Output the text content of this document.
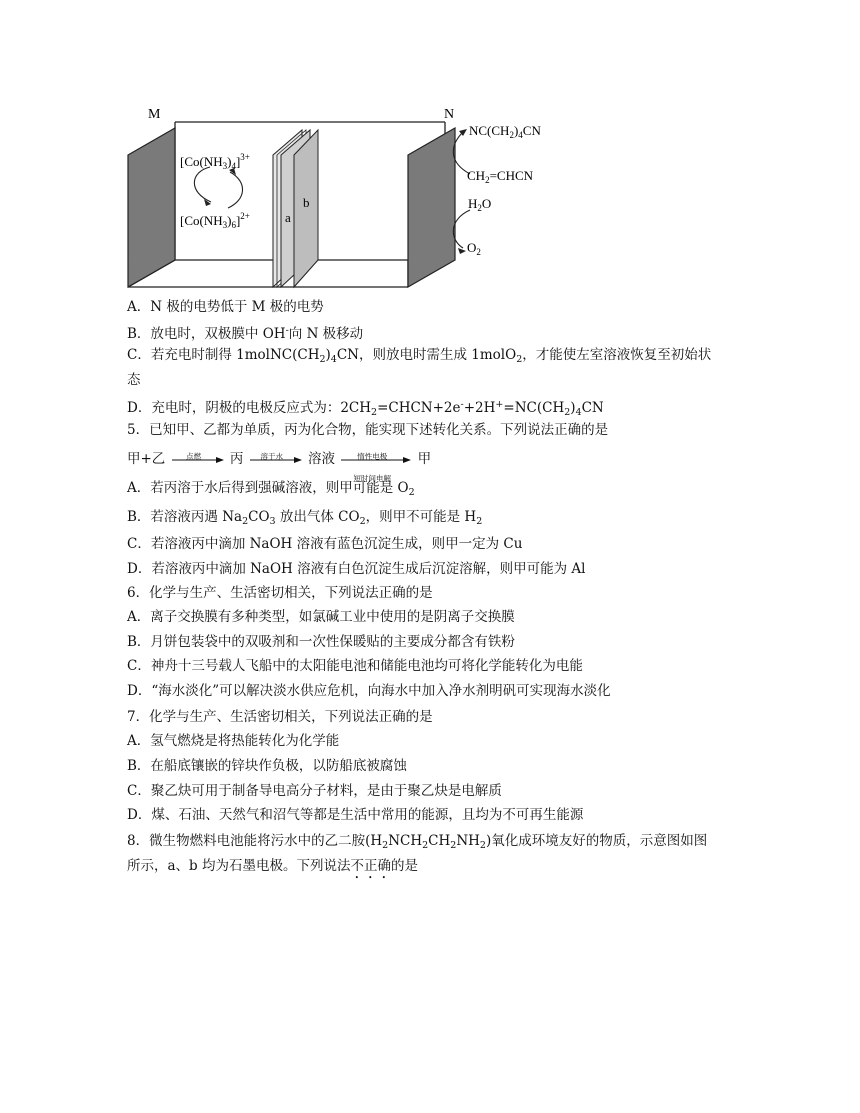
M	N
a
b
$[Co(NH_3)_4]^{3+}$
$[Co(NH_3)_6]^{2+}$
$NC(CH_2)_4CN$
$CH_2=CHCN$
$H_2O$
$O_2$
A．N 极的电势低于 M 极的电势
B．放电时，双极膜中 OH-向 N 极移动
C．若充电时制得 $1molNC(CH_2)_4CN$，则放电时需生成 1molO$_2$，才能使左室溶液恢复至初始状
态
D．充电时，阴极的电极反应式为：$2CH_2=CHCN+2e^-+2H^+=NC(CH_2)_4CN$
5．已知甲、乙都为单质，丙为化合物，能实现下述转化关系。下列说法正确的是
甲+乙	点燃	丙	溶于水	溶液	惰性电极
短时间电解
甲
A．若丙溶于水后得到强碱溶液，则甲可能是 $O_2$
B．若溶液丙遇 $Na_2CO_3$ 放出气体 $CO_2$，则甲不可能是 $H_2$
C．若溶液丙中滴加 NaOH 溶液有蓝色沉淀生成，则甲一定为 Cu
D．若溶液丙中滴加 NaOH 溶液有白色沉淀生成后沉淀溶解，则甲可能为 Al
6．化学与生产、生活密切相关，下列说法正确的是
A．离子交换膜有多种类型，如氯碱工业中使用的是阴离子交换膜
B．月饼包装袋中的双吸剂和一次性保暖贴的主要成分都含有铁粉
C．神舟十三号载人飞船中的太阳能电池和储能电池均可将化学能转化为电能
D．“海水淡化”可以解决淡水供应危机，向海水中加入净水剂明矾可实现海水淡化
7．化学与生产、生活密切相关，下列说法正确的是
A．氢气燃烧是将热能转化为化学能
B．在船底镶嵌的锌块作负极，以防船底被腐蚀
C．聚乙炔可用于制备导电高分子材料，是由于聚乙炔是电解质
D．煤、石油、天然气和沼气等都是生活中常用的能源，且均为不可再生能源
8．微生物燃料电池能将污水中的乙二胺$(H_2NCH_2CH_2NH_2)$氧化成环境友好的物质，示意图如图
所示，a、b 均为石墨电极。下列说法不正确的是
